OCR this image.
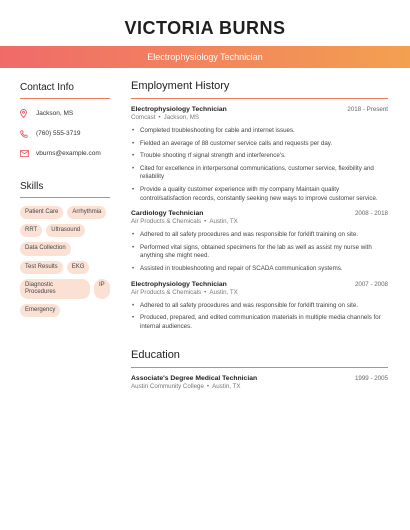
VICTORIA BURNS
Electrophysiology Technician
Contact Info
Jackson, MS
(760) 555-3719
vburns@example.com
Skills
Patient Care	Arrhythmia
RRT	Ultrasound
Data Collection
Test Results	EKG
Diagnostic Procedures
IP
Emergency
Employment History
Electrophysiology Technician	2018 - Present
Comcast • Jackson, MS
• Completed troubleshooting for cable and internet issues.
• Fielded an average of 88 customer service calls and requests per day.
• Trouble shooting rf signal strength and interference's.
• Cited for excellence in interpersonal communications, customer service, flexibility and reliability
• Provide a quality customer experience with my company Maintain quality control/satisfaction records, constantly seeking new ways to improve customer service.
Cardiology Technician	2008 - 2018
Air Products & Chemicals • Austin, TX
• Adhered to all safety procedures and was responsible for forklift training on site.
• Performed vital signs, obtained specimens for the lab as well as assist my nurse with anything she might need.
• Assisted in troubleshooting and repair of SCADA communication systems.
Electrophysiology Technician	2007 - 2008
Air Products & Chemicals • Austin, TX
• Adhered to all safety procedures and was responsible for forklift training on site.
• Produced, prepared, and edited communication materials in multiple media channels for internal audiences.
Education
Associate's Degree Medical Technician	1999 - 2005
Austin Community College • Austin, TX
